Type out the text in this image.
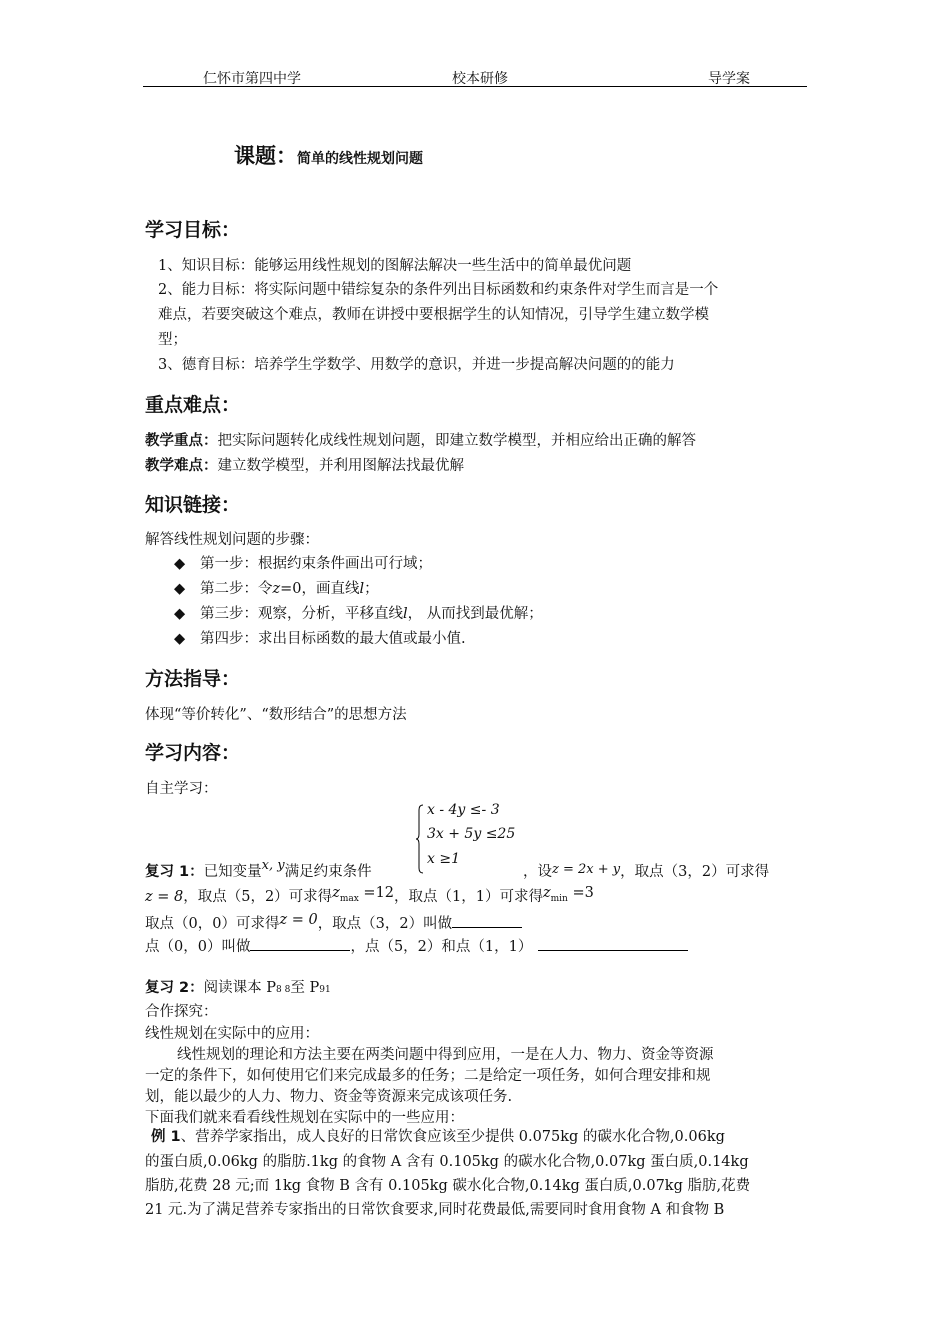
仁怀市第四中学	校本研修	导学案
课题：简单的线性规划问题
学习目标：
1、知识目标：能够运用线性规划的图解法解决一些生活中的简单最优问题
2、能力目标：将实际问题中错综复杂的条件列出目标函数和约束条件对学生而言是一个
难点，若要突破这个难点，教师在讲授中要根据学生的认知情况，引导学生建立数学模
型；
3、德育目标：培养学生学数学、用数学的意识，并进一步提高解决问题的的能力
重点难点：
教学重点：把实际问题转化成线性规划问题，即建立数学模型，并相应给出正确的解答
教学难点：建立数学模型，并利用图解法找最优解
知识链接：
解答线性规划问题的步骤：
◆ 第一步：根据约束条件画出可行域；
◆ 第二步：令z=0，画直线l；
◆ 第三步：观察，分析，平移直线l， 从而找到最优解；
◆ 第四步：求出目标函数的最大值或最小值.
方法指导：
体现“等价转化”、“数形结合”的思想方法
学习内容：
自主学习：
x - 4y ≤- 3
3x + 5y ≤25
x ≥1
复习 1：已知变量x, y满足约束条件	，设z = 2x + y，取点（3，2）可求得
z = 8，取点（5，2）可求得zmax =12，取点（1，1）可求得zmin =3
取点（0，0）可求得z = 0，取点（3，2）叫做
点（0，0）叫做	，点（5，2）和点（1，1）
复习 2：阅读课本 P8 8至 P91
合作探究：
线性规划在实际中的应用：
线性规划的理论和方法主要在两类问题中得到应用，一是在人力、物力、资金等资源
一定的条件下，如何使用它们来完成最多的任务；二是给定一项任务，如何合理安排和规
划，能以最少的人力、物力、资金等资源来完成该项任务.
下面我们就来看看线性规划在实际中的一些应用：
例 1、营养学家指出，成人良好的日常饮食应该至少提供 0.075kg 的碳水化合物,0.06kg
的蛋白质,0.06kg 的脂肪.1kg 的食物 A 含有 0.105kg 的碳水化合物,0.07kg 蛋白质,0.14kg
脂肪,花费 28 元;而 1kg 食物 B 含有 0.105kg 碳水化合物,0.14kg 蛋白质,0.07kg 脂肪,花费
21 元.为了满足营养专家指出的日常饮食要求,同时花费最低,需要同时食用食物 A 和食物 B
